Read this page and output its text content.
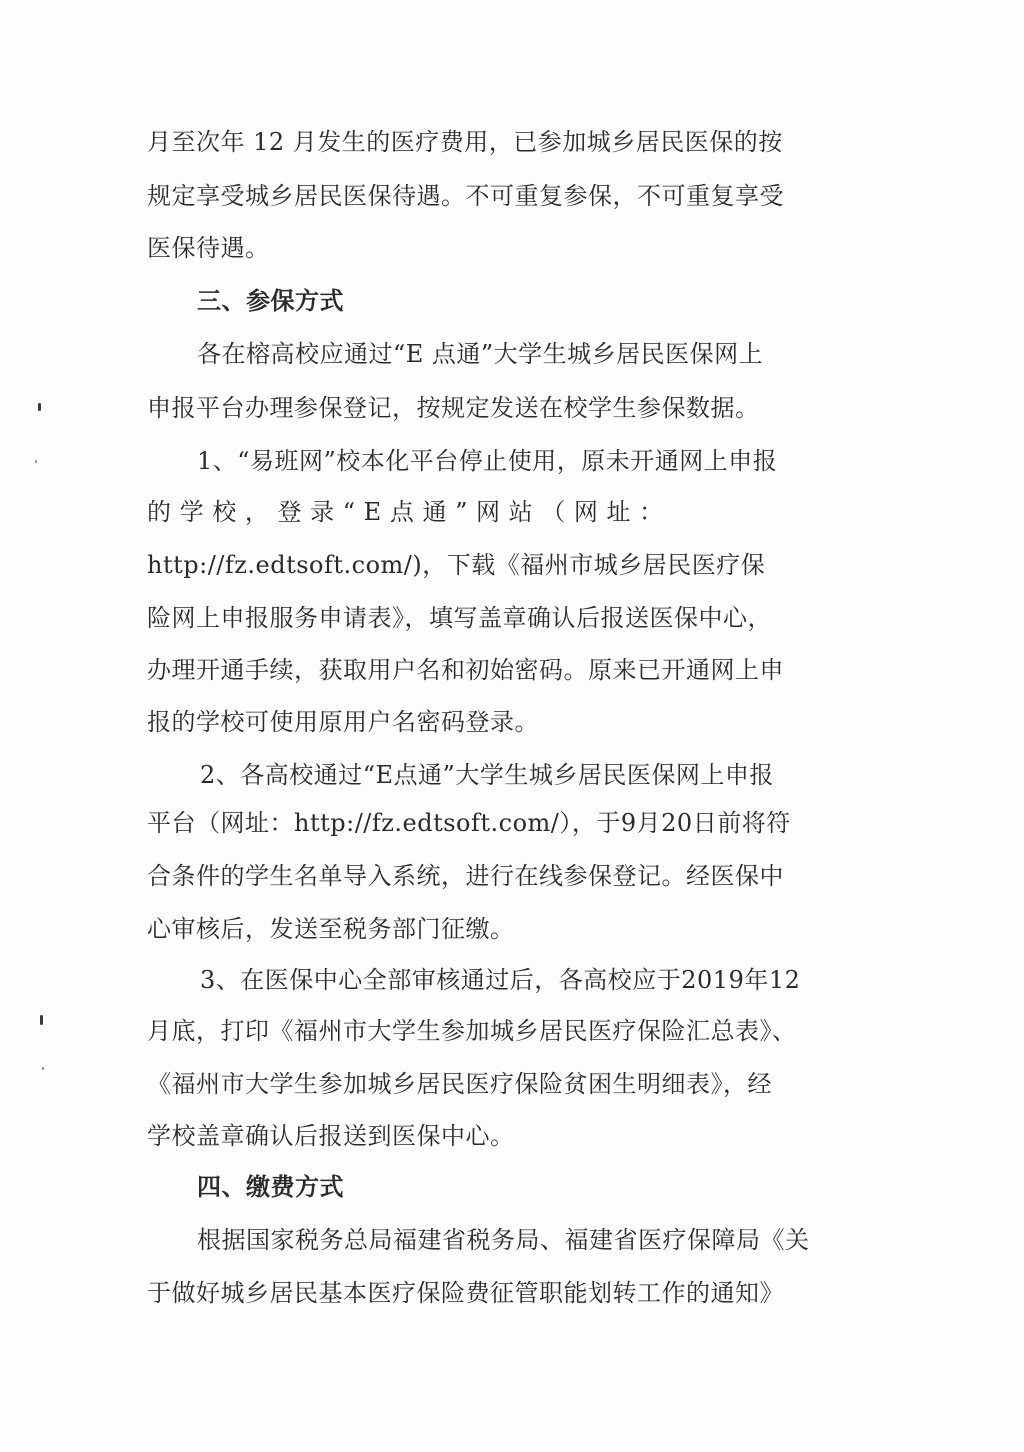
月至次年 12 月发生的医疗费用，已参加城乡居民医保的按
规定享受城乡居民医保待遇。不可重复参保，不可重复享受
医保待遇。
三、参保方式
各在榕高校应通过“E 点通”大学生城乡居民医保网上
申报平台办理参保登记，按规定发送在校学生参保数据。
1、“易班网”校本化平台停止使用，原未开通网上申报
的 学 校 ， 登 录 “ E 点 通 ” 网 站 （ 网 址 ：
http://fz.edtsoft.com/)，下载《福州市城乡居民医疗保
险网上申报服务申请表》，填写盖章确认后报送医保中心，
办理开通手续，获取用户名和初始密码。原来已开通网上申
报的学校可使用原用户名密码登录。
2、各高校通过“E点通”大学生城乡居民医保网上申报
平台（网址：http://fz.edtsoft.com/），于9月20日前将符
合条件的学生名单导入系统，进行在线参保登记。经医保中
心审核后，发送至税务部门征缴。
3、在医保中心全部审核通过后，各高校应于2019年12
月底，打印《福州市大学生参加城乡居民医疗保险汇总表》、
《福州市大学生参加城乡居民医疗保险贫困生明细表》，经
学校盖章确认后报送到医保中心。
四、缴费方式
根据国家税务总局福建省税务局、福建省医疗保障局《关
于做好城乡居民基本医疗保险费征管职能划转工作的通知》
